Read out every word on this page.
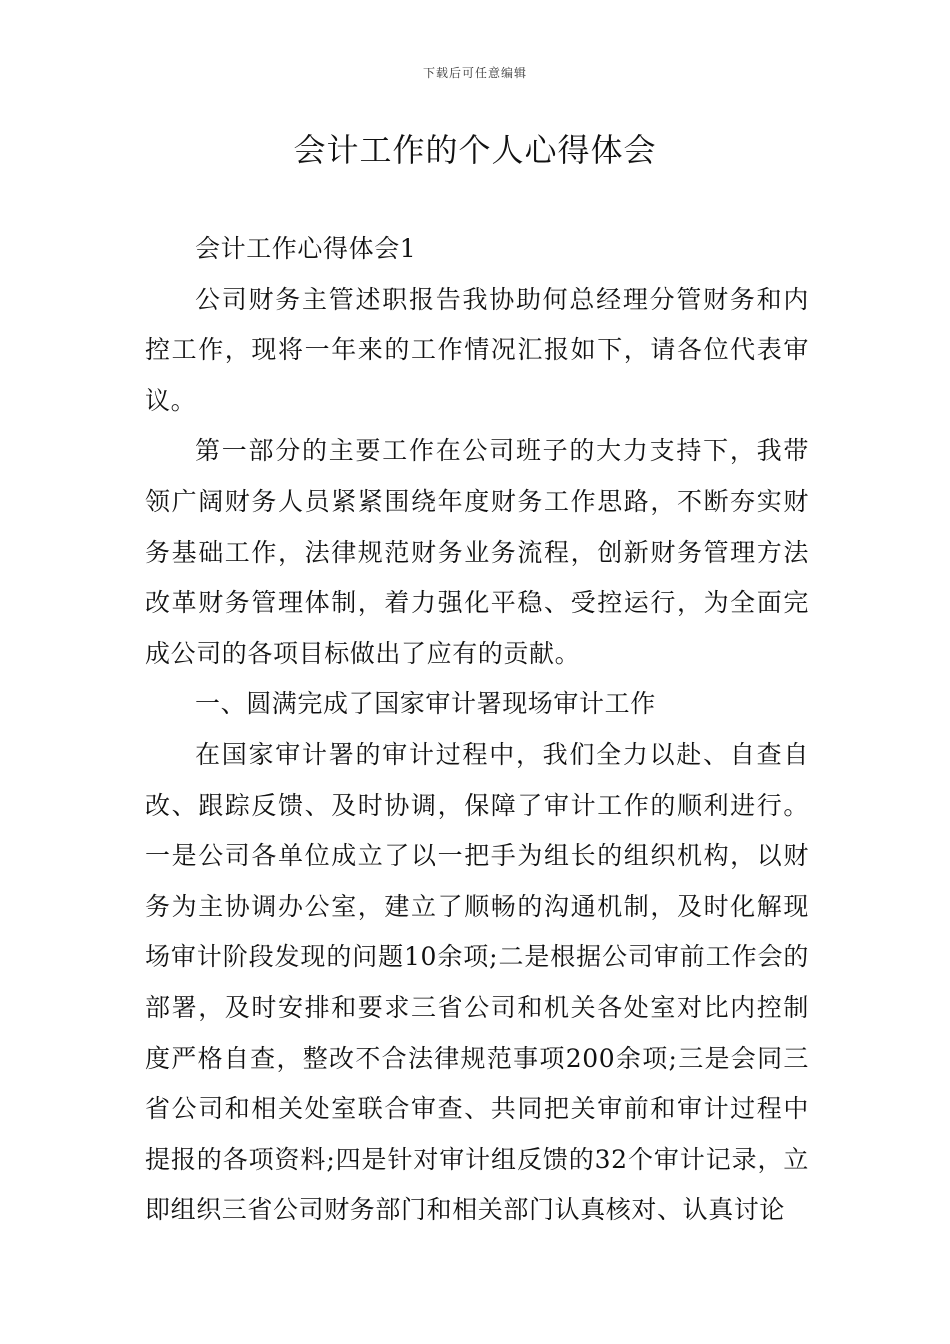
下载后可任意编辑
会计工作的个人心得体会

会计工作心得体会1

公司财务主管述职报告我协助何总经理分管财务和内控工作，现将一年来的工作情况汇报如下，请各位代表审议。

第一部分的主要工作在公司班子的大力支持下，我带领广阔财务人员紧紧围绕年度财务工作思路，不断夯实财务基础工作，法律规范财务业务流程，创新财务管理方法改革财务管理体制，着力强化平稳、受控运行，为全面完成公司的各项目标做出了应有的贡献。

一、圆满完成了国家审计署现场审计工作

在国家审计署的审计过程中，我们全力以赴、自查自改、跟踪反馈、及时协调，保障了审计工作的顺利进行。一是公司各单位成立了以一把手为组长的组织机构，以财务为主协调办公室，建立了顺畅的沟通机制，及时化解现场审计阶段发现的问题10余项;二是根据公司审前工作会的部署，及时安排和要求三省公司和机关各处室对比内控制度严格自查，整改不合法律规范事项200余项;三是会同三省公司和相关处室联合审查、共同把关审前和审计过程中提报的各项资料;四是针对审计组反馈的32个审计记录，立即组织三省公司财务部门和相关部门认真核对、认真讨论
